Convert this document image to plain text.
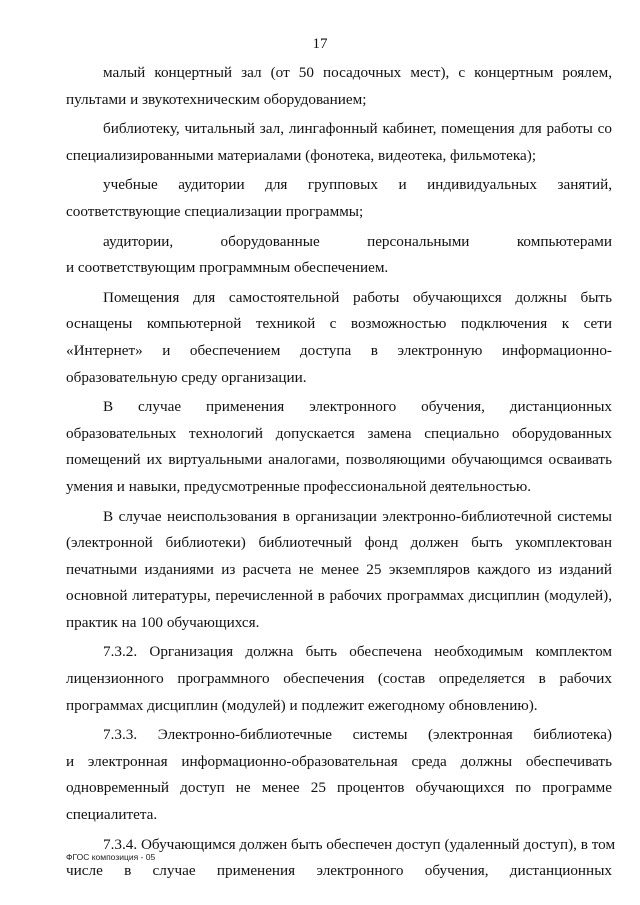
17
малый концертный зал (от 50 посадочных мест), с концертным роялем,
пультами и звукотехническим оборудованием;
библиотеку, читальный зал, лингафонный кабинет, помещения для работы со
специализированными материалами (фонотека, видеотека, фильмотека);
учебные аудитории для групповых и индивидуальных занятий,
соответствующие специализации программы;
аудитории, оборудованные персональными компьютерами
и соответствующим программным обеспечением.
Помещения для самостоятельной работы обучающихся должны быть
оснащены компьютерной техникой с возможностью подключения к сети
«Интернет» и обеспечением доступа в электронную информационно-
образовательную среду организации.
В случае применения электронного обучения, дистанционных
образовательных технологий допускается замена специально оборудованных
помещений их виртуальными аналогами, позволяющими обучающимся осваивать
умения и навыки, предусмотренные профессиональной деятельностью.
В случае неиспользования в организации электронно-библиотечной системы
(электронной библиотеки) библиотечный фонд должен быть укомплектован
печатными изданиями из расчета не менее 25 экземпляров каждого из изданий
основной литературы, перечисленной в рабочих программах дисциплин (модулей),
практик на 100 обучающихся.
7.3.2. Организация должна быть обеспечена необходимым комплектом
лицензионного программного обеспечения (состав определяется в рабочих
программах дисциплин (модулей) и подлежит ежегодному обновлению).
7.3.3. Электронно-библиотечные системы (электронная библиотека)
и электронная информационно-образовательная среда должны обеспечивать
одновременный доступ не менее 25 процентов обучающихся по программе
специалитета.
7.3.4. Обучающимся должен быть обеспечен доступ (удаленный доступ), в том
числе в случае применения электронного обучения, дистанционных
ФГОС композиция - 05
